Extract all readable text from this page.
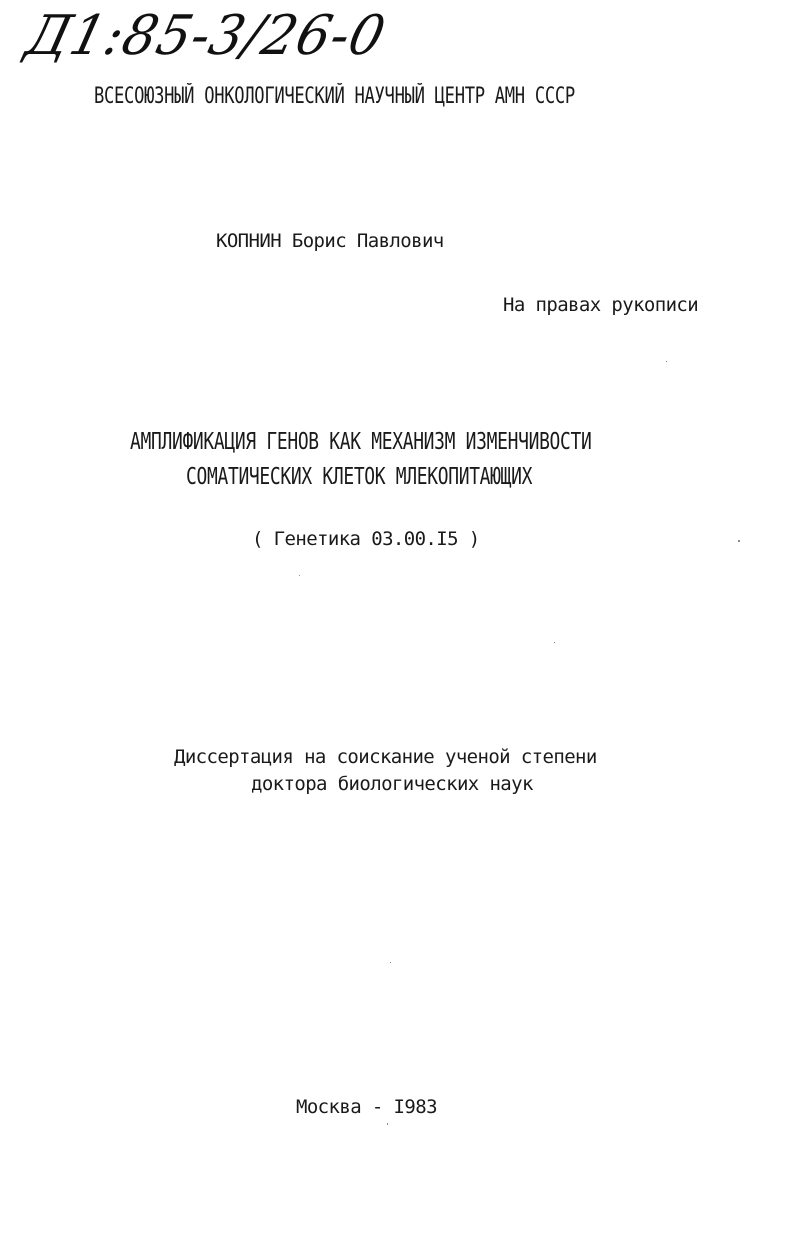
Д1:85-3/26-0
ВСЕСОЮЗНЫЙ ОНКОЛОГИЧЕСКИЙ НАУЧНЫЙ ЦЕНТР АМН СССР
КОПНИН Борис Павлович
На правах рукописи
АМПЛИФИКАЦИЯ ГЕНОВ КАК МЕХАНИЗМ ИЗМЕНЧИВОСТИ
СОМАТИЧЕСКИХ КЛЕТОК МЛЕКОПИТАЮЩИХ
( Генетика 03.00.I5 )
Диссертация на соискание ученой степени
доктора биологических наук
Москва - I983
